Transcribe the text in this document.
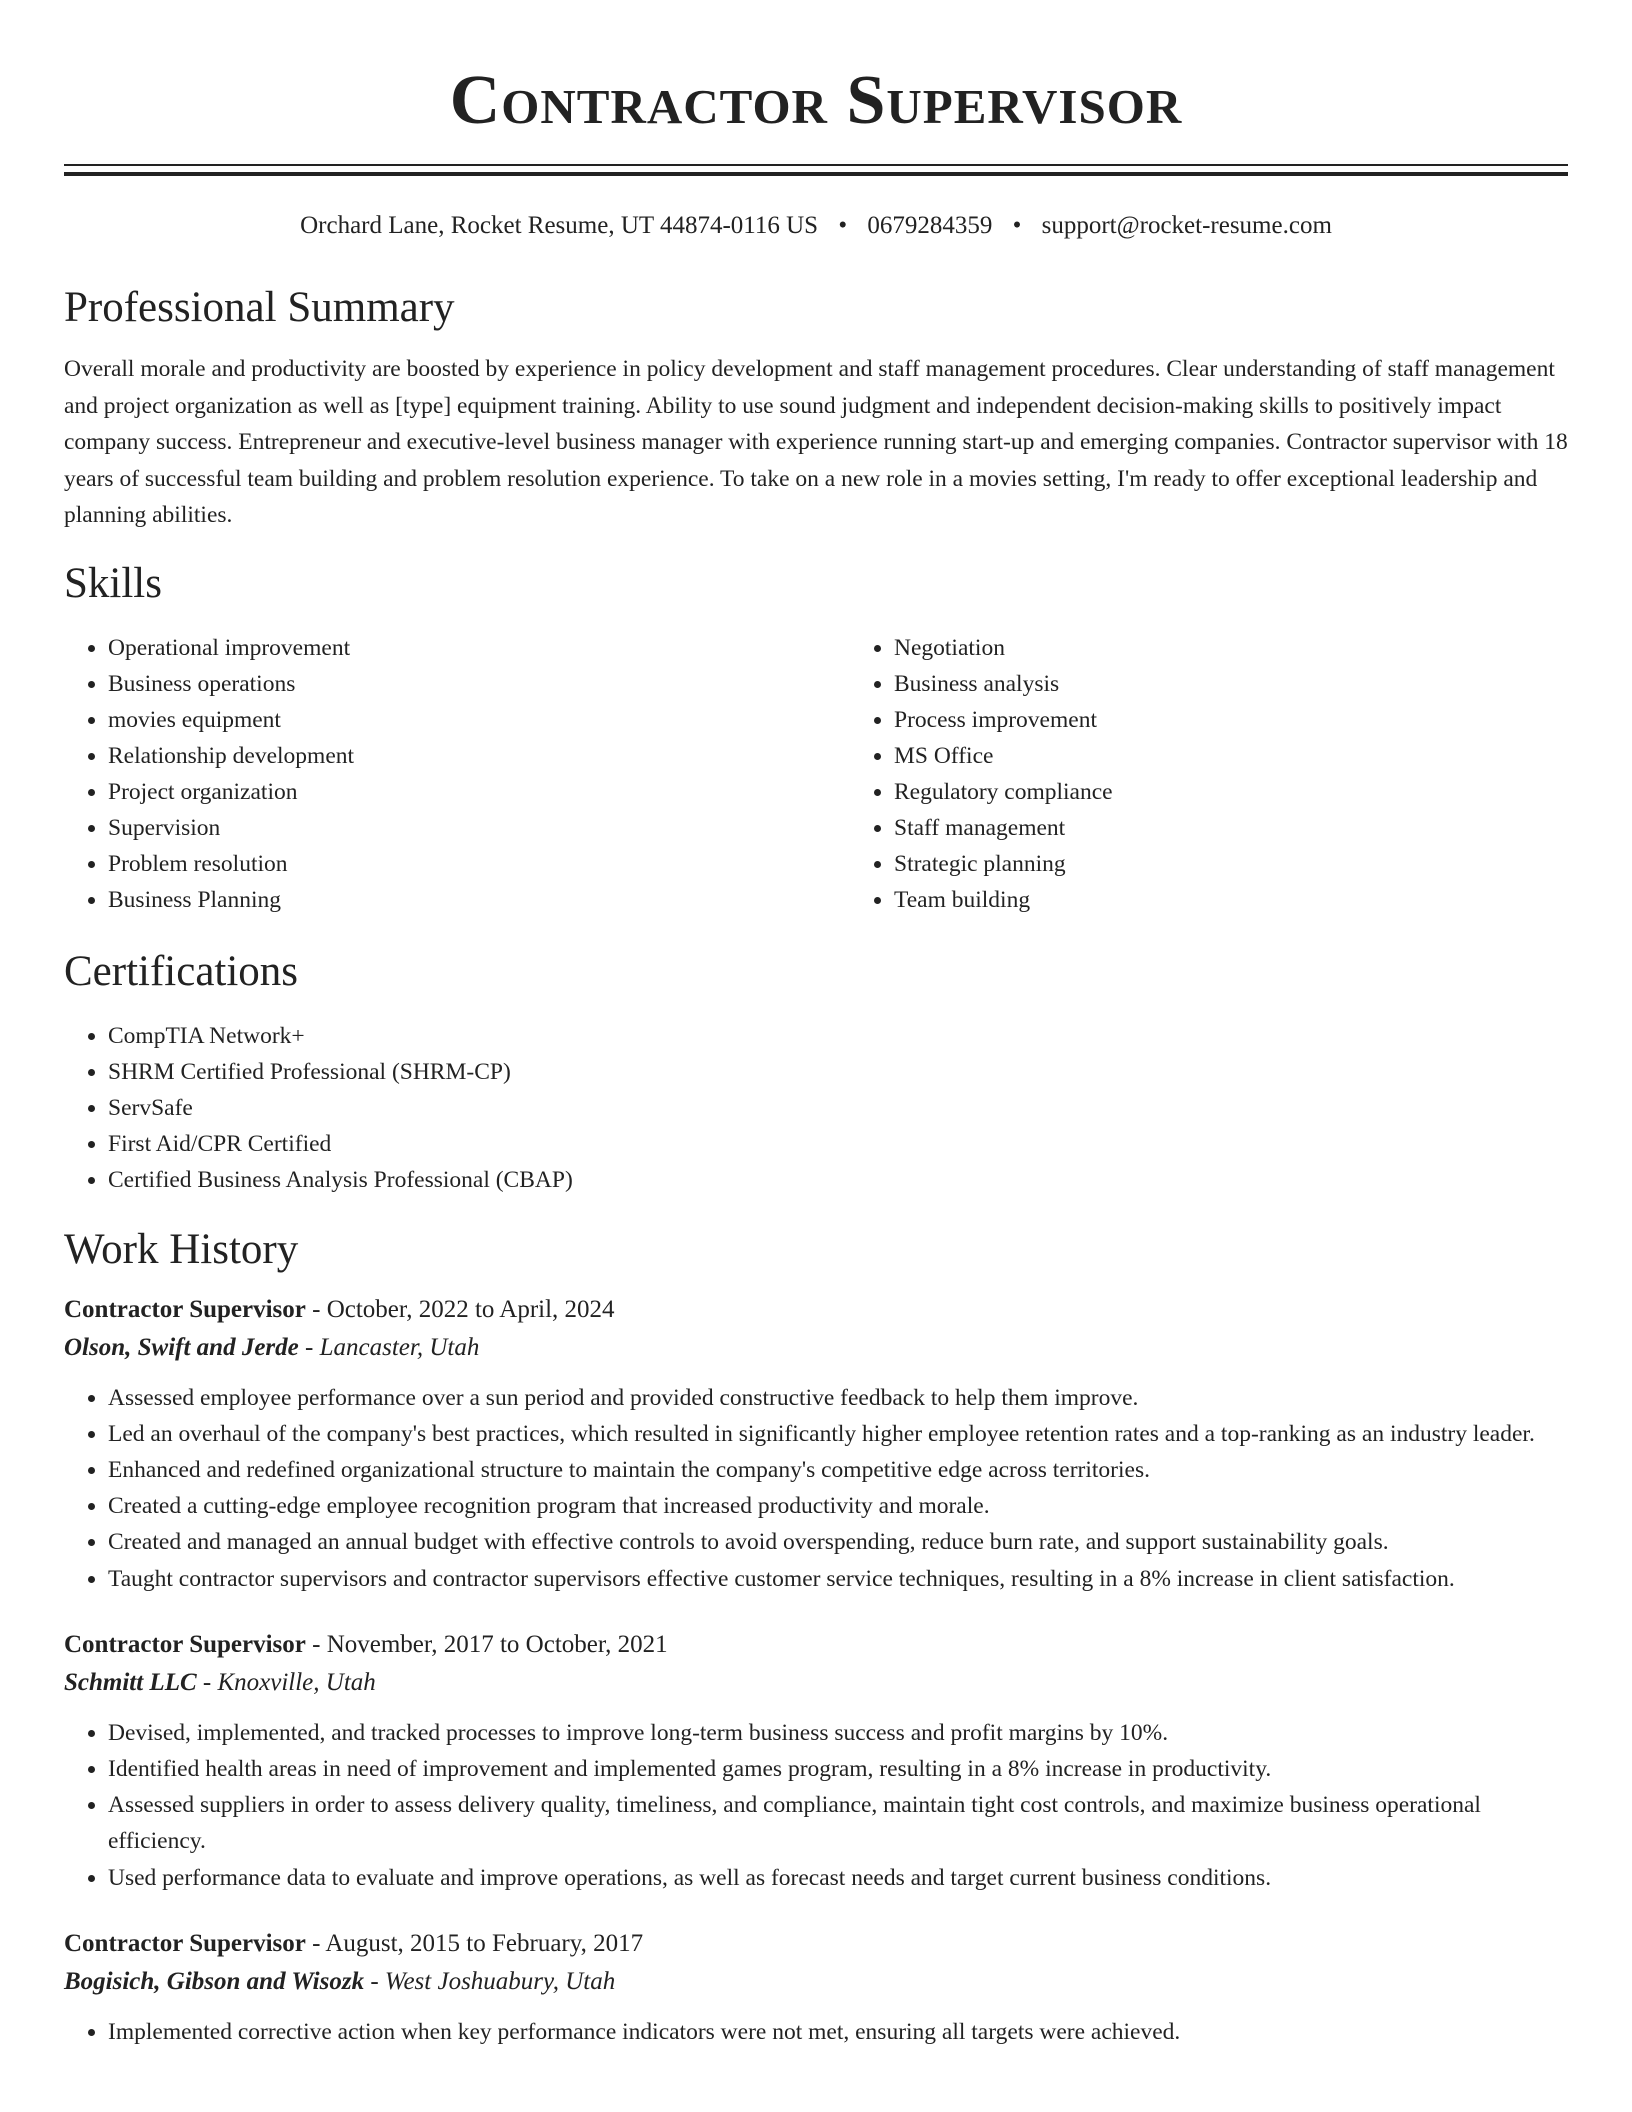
Contractor Supervisor
Orchard Lane, Rocket Resume, UT 44874-0116 US • 0679284359 • support@rocket-resume.com
Professional Summary

Overall morale and productivity are boosted by experience in policy development and staff management procedures. Clear understanding of staff management and project organization as well as [type] equipment training. Ability to use sound judgment and independent decision-making skills to positively impact company success. Entrepreneur and executive-level business manager with experience running start-up and emerging companies. Contractor supervisor with 18 years of successful team building and problem resolution experience. To take on a new role in a movies setting, I'm ready to offer exceptional leadership and planning abilities.

Skills
• Operational improvement
• Business operations
• movies equipment
• Relationship development
• Project organization
• Supervision
• Problem resolution
• Business Planning
• Negotiation
• Business analysis
• Process improvement
• MS Office
• Regulatory compliance
• Staff management
• Strategic planning
• Team building
Certifications
• CompTIA Network+
• SHRM Certified Professional (SHRM-CP)
• ServSafe
• First Aid/CPR Certified
• Certified Business Analysis Professional (CBAP)
Work History
Contractor Supervisor - October, 2022 to April, 2024
Olson, Swift and Jerde - Lancaster, Utah
• Assessed employee performance over a sun period and provided constructive feedback to help them improve.
• Led an overhaul of the company's best practices, which resulted in significantly higher employee retention rates and a top-ranking as an industry leader.
• Enhanced and redefined organizational structure to maintain the company's competitive edge across territories.
• Created a cutting-edge employee recognition program that increased productivity and morale.
• Created and managed an annual budget with effective controls to avoid overspending, reduce burn rate, and support sustainability goals.
• Taught contractor supervisors and contractor supervisors effective customer service techniques, resulting in a 8% increase in client satisfaction.
Contractor Supervisor - November, 2017 to October, 2021
Schmitt LLC - Knoxville, Utah
• Devised, implemented, and tracked processes to improve long-term business success and profit margins by 10%.
• Identified health areas in need of improvement and implemented games program, resulting in a 8% increase in productivity.
• Assessed suppliers in order to assess delivery quality, timeliness, and compliance, maintain tight cost controls, and maximize business operational efficiency.
• Used performance data to evaluate and improve operations, as well as forecast needs and target current business conditions.
Contractor Supervisor - August, 2015 to February, 2017
Bogisich, Gibson and Wisozk - West Joshuabury, Utah
• Implemented corrective action when key performance indicators were not met, ensuring all targets were achieved.
